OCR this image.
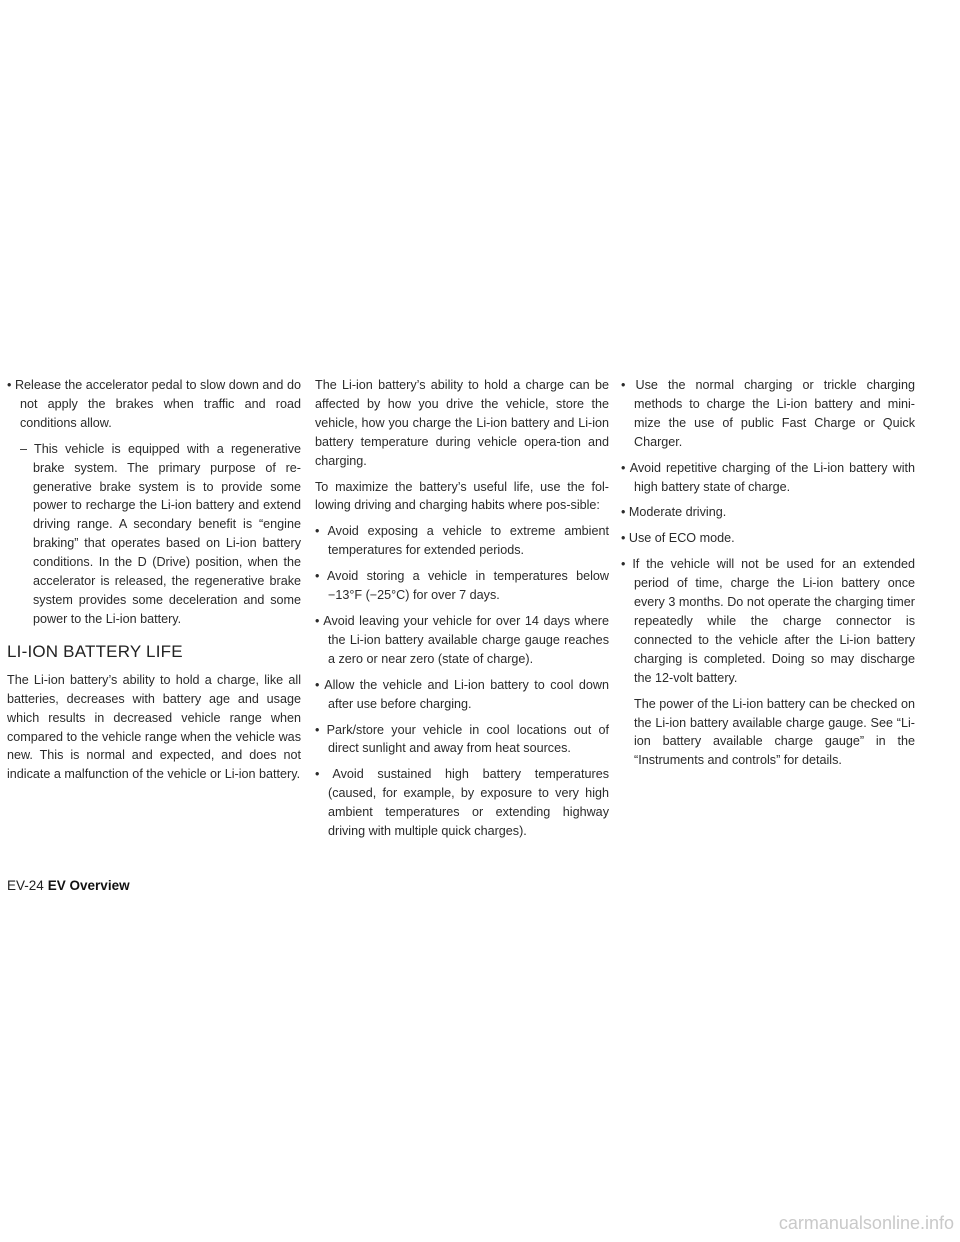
• Release the accelerator pedal to slow down and do not apply the brakes when traffic and road conditions allow.
– This vehicle is equipped with a regenerative brake system. The primary purpose of re-generative brake system is to provide some power to recharge the Li-ion battery and extend driving range. A secondary benefit is “engine braking” that operates based on Li-ion battery conditions. In the D (Drive) position, when the accelerator is released, the regenerative brake system provides some deceleration and some power to the Li-ion battery.
LI-ION BATTERY LIFE
The Li-ion battery’s ability to hold a charge, like all batteries, decreases with battery age and usage which results in decreased vehicle range when compared to the vehicle range when the vehicle was new. This is normal and expected, and does not indicate a malfunction of the vehicle or Li-ion battery.
The Li-ion battery’s ability to hold a charge can be affected by how you drive the vehicle, store the vehicle, how you charge the Li-ion battery and Li-ion battery temperature during vehicle opera-tion and charging.
To maximize the battery’s useful life, use the fol-lowing driving and charging habits where pos-sible:
• Avoid exposing a vehicle to extreme ambient temperatures for extended periods.
• Avoid storing a vehicle in temperatures below −13°F (−25°C) for over 7 days.
• Avoid leaving your vehicle for over 14 days where the Li-ion battery available charge gauge reaches a zero or near zero (state of charge).
• Allow the vehicle and Li-ion battery to cool down after use before charging.
• Park/store your vehicle in cool locations out of direct sunlight and away from heat sources.
• Avoid sustained high battery temperatures (caused, for example, by exposure to very high ambient temperatures or extending highway driving with multiple quick charges).
• Use the normal charging or trickle charging methods to charge the Li-ion battery and mini-mize the use of public Fast Charge or Quick Charger.
• Avoid repetitive charging of the Li-ion battery with high battery state of charge.
• Moderate driving.
• Use of ECO mode.
• If the vehicle will not be used for an extended period of time, charge the Li-ion battery once every 3 months. Do not operate the charging timer repeatedly while the charge connector is connected to the vehicle after the Li-ion battery charging is completed. Doing so may discharge the 12-volt battery.
The power of the Li-ion battery can be checked on the Li-ion battery available charge gauge. See “Li-ion battery available charge gauge” in the “Instruments and controls” for details.
EV-24 EV Overview
carmanualsonline.info
